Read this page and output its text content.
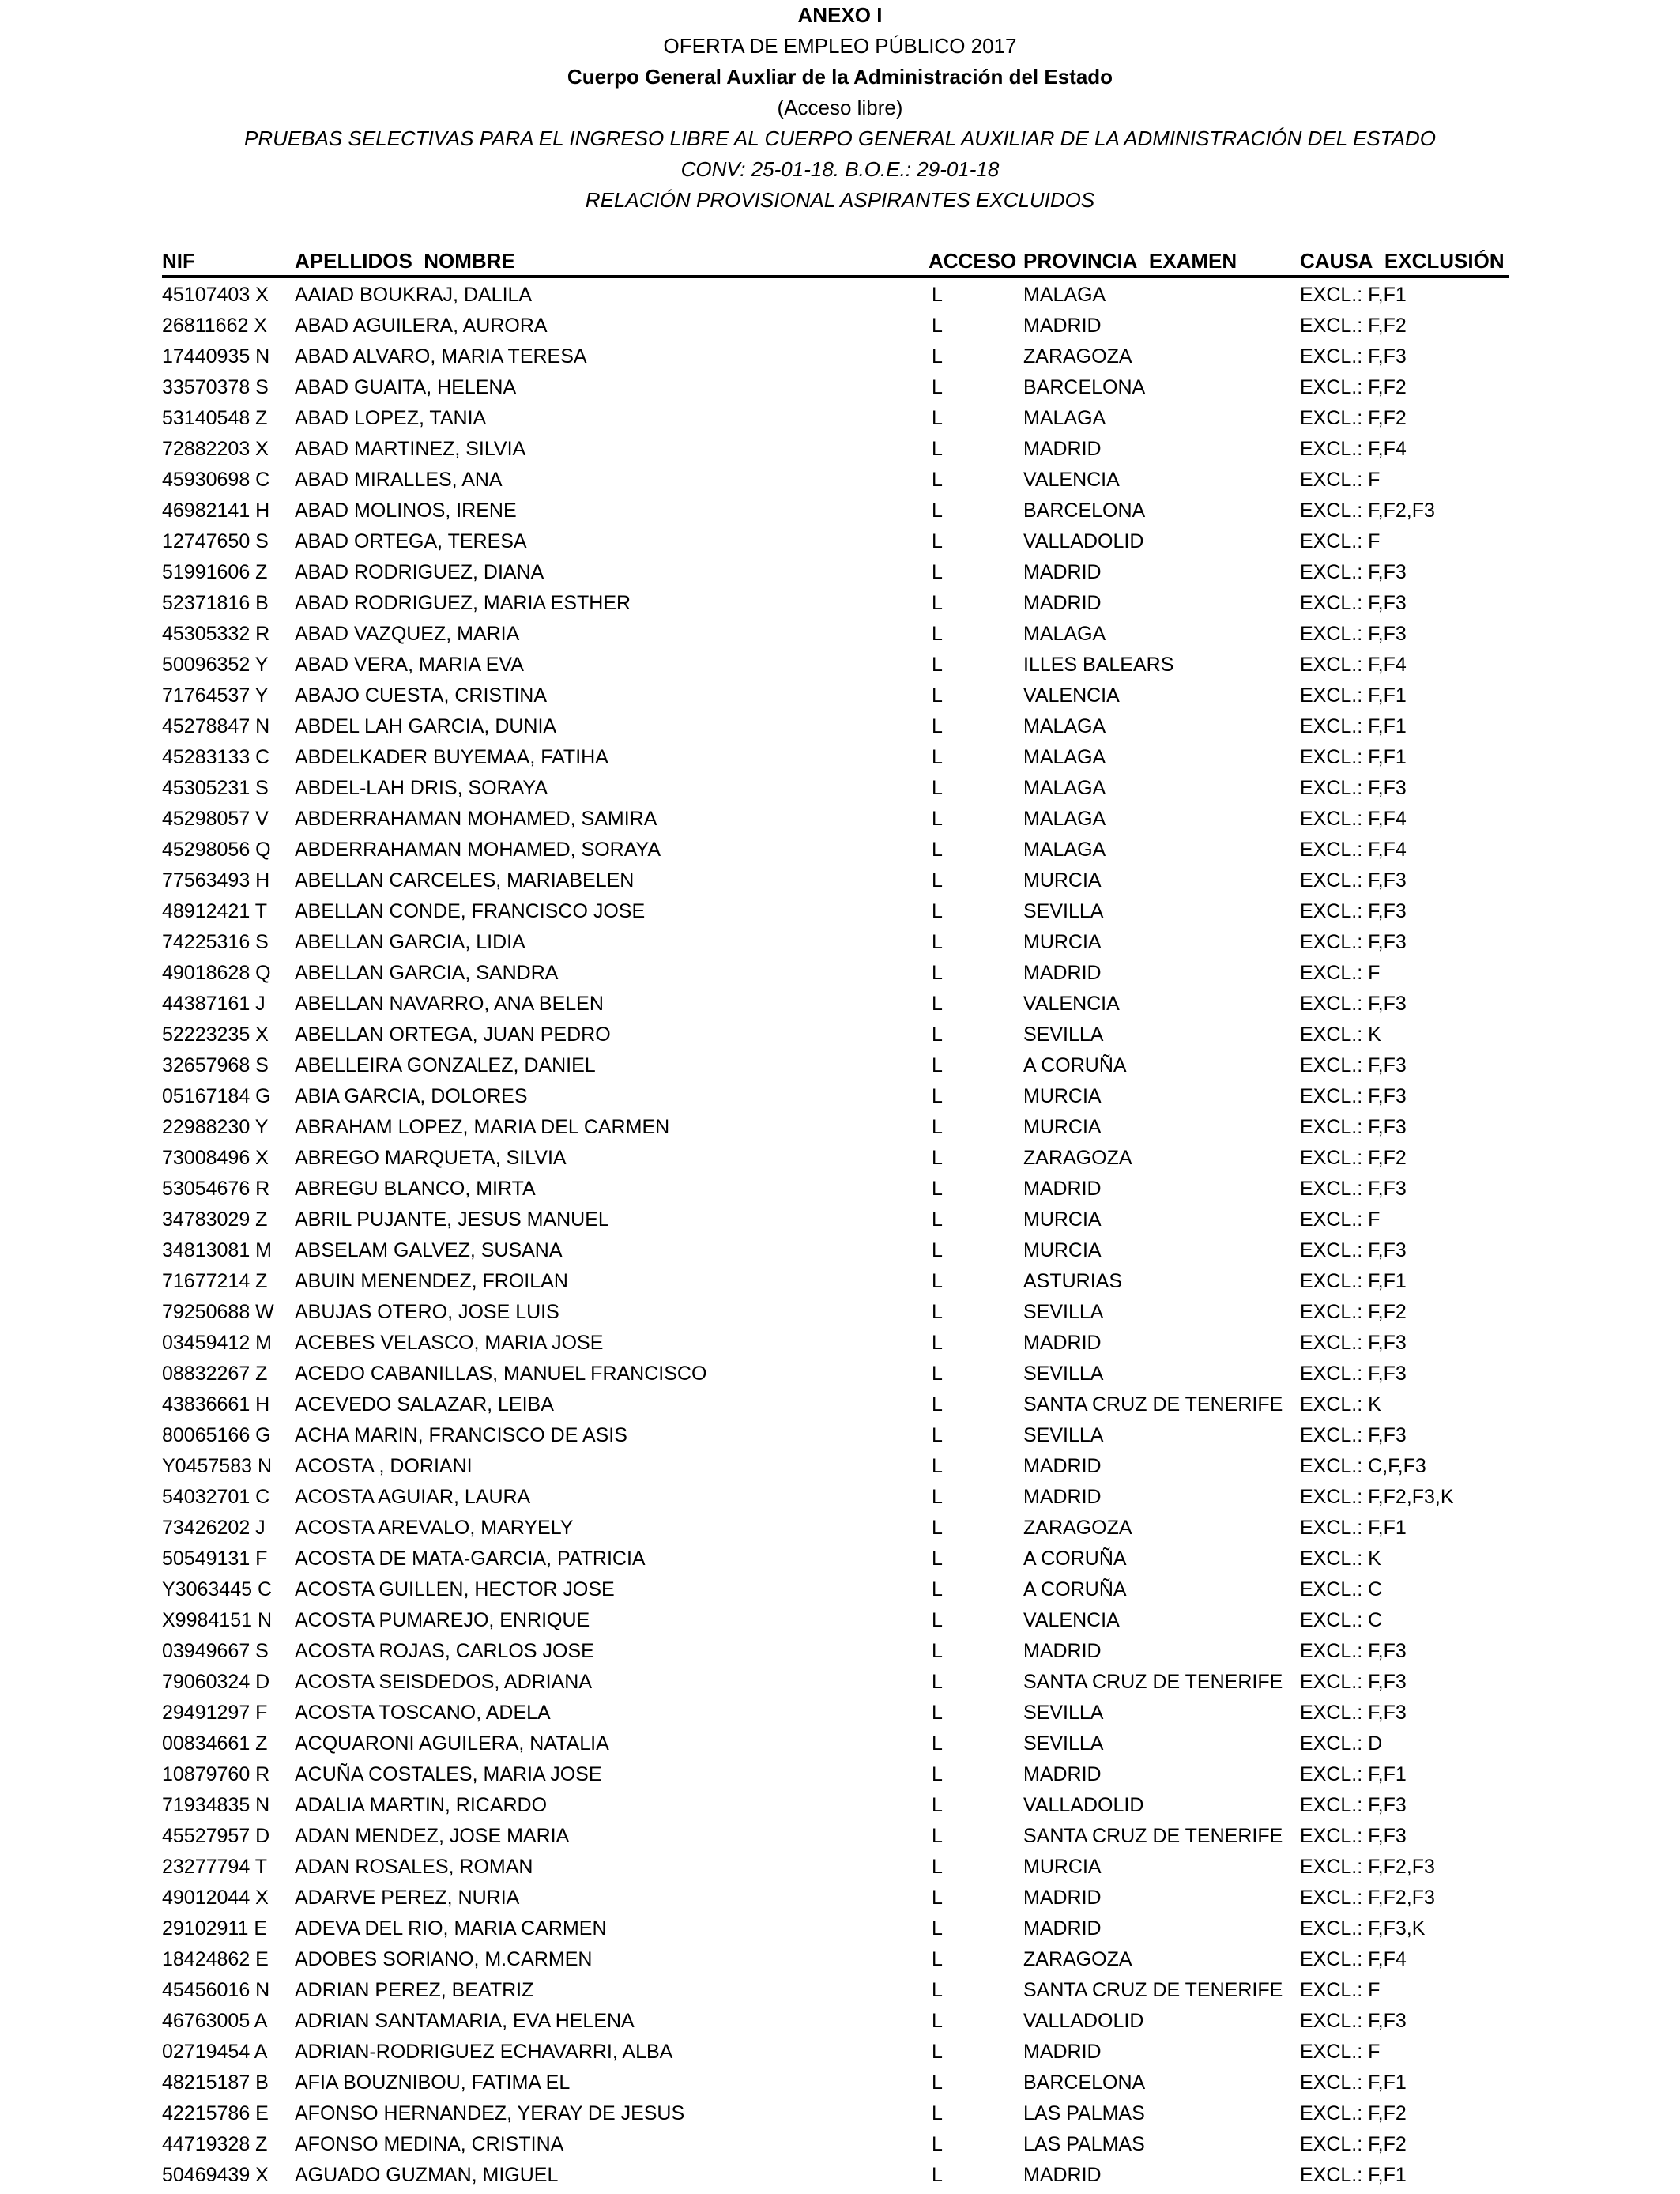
ANEXO I
OFERTA DE EMPLEO PÚBLICO 2017
Cuerpo General Auxliar de la Administración del Estado
(Acceso libre)
PRUEBAS SELECTIVAS PARA EL INGRESO LIBRE AL CUERPO GENERAL AUXILIAR DE LA ADMINISTRACIÓN DEL ESTADO
CONV: 25-01-18. B.O.E.: 29-01-18
RELACIÓN PROVISIONAL ASPIRANTES EXCLUIDOS
NIF	APELLIDOS_NOMBRE	ACCESO PROVINCIA_EXAMEN	CAUSA_EXCLUSIÓN
45107403 X AAIAD BOUKRAJ, DALILA	L	MALAGA	EXCL.: F,F1
26811662 X ABAD AGUILERA, AURORA	L	MADRID	EXCL.: F,F2
17440935 N ABAD ALVARO, MARIA TERESA	L	ZARAGOZA	EXCL.: F,F3
33570378 S ABAD GUAITA, HELENA	L	BARCELONA	EXCL.: F,F2
53140548 Z ABAD LOPEZ, TANIA	L	MALAGA	EXCL.: F,F2
72882203 X ABAD MARTINEZ, SILVIA	L	MADRID	EXCL.: F,F4
45930698 C ABAD MIRALLES, ANA	L	VALENCIA	EXCL.: F
46982141 H ABAD MOLINOS, IRENE	L	BARCELONA	EXCL.: F,F2,F3
12747650 S ABAD ORTEGA, TERESA	L	VALLADOLID	EXCL.: F
51991606 Z ABAD RODRIGUEZ, DIANA	L	MADRID	EXCL.: F,F3
52371816 B ABAD RODRIGUEZ, MARIA ESTHER	L	MADRID	EXCL.: F,F3
45305332 R ABAD VAZQUEZ, MARIA	L	MALAGA	EXCL.: F,F3
50096352 Y ABAD VERA, MARIA EVA	L	ILLES BALEARS	EXCL.: F,F4
71764537 Y ABAJO CUESTA, CRISTINA	L	VALENCIA	EXCL.: F,F1
45278847 N ABDEL LAH GARCIA, DUNIA	L	MALAGA	EXCL.: F,F1
45283133 C ABDELKADER BUYEMAA, FATIHA	L	MALAGA	EXCL.: F,F1
45305231 S ABDEL-LAH DRIS, SORAYA	L	MALAGA	EXCL.: F,F3
45298057 V ABDERRAHAMAN MOHAMED, SAMIRA	L	MALAGA	EXCL.: F,F4
45298056 Q ABDERRAHAMAN MOHAMED, SORAYA	L	MALAGA	EXCL.: F,F4
77563493 H ABELLAN CARCELES, MARIABELEN	L	MURCIA	EXCL.: F,F3
48912421 T ABELLAN CONDE, FRANCISCO JOSE	L	SEVILLA	EXCL.: F,F3
74225316 S ABELLAN GARCIA, LIDIA	L	MURCIA	EXCL.: F,F3
49018628 Q ABELLAN GARCIA, SANDRA	L	MADRID	EXCL.: F
44387161 J ABELLAN NAVARRO, ANA BELEN	L	VALENCIA	EXCL.: F,F3
52223235 X ABELLAN ORTEGA, JUAN PEDRO	L	SEVILLA	EXCL.: K
32657968 S ABELLEIRA GONZALEZ, DANIEL	L	A CORUÑA	EXCL.: F,F3
05167184 G ABIA GARCIA, DOLORES	L	MURCIA	EXCL.: F,F3
22988230 Y ABRAHAM LOPEZ, MARIA DEL CARMEN	L	MURCIA	EXCL.: F,F3
73008496 X ABREGO MARQUETA, SILVIA	L	ZARAGOZA	EXCL.: F,F2
53054676 R ABREGU BLANCO, MIRTA	L	MADRID	EXCL.: F,F3
34783029 Z ABRIL PUJANTE, JESUS MANUEL	L	MURCIA	EXCL.: F
34813081 M ABSELAM GALVEZ, SUSANA	L	MURCIA	EXCL.: F,F3
71677214 Z ABUIN MENENDEZ, FROILAN	L	ASTURIAS	EXCL.: F,F1
79250688 W ABUJAS OTERO, JOSE LUIS	L	SEVILLA	EXCL.: F,F2
03459412 M ACEBES VELASCO, MARIA JOSE	L	MADRID	EXCL.: F,F3
08832267 Z ACEDO CABANILLAS, MANUEL FRANCISCO	L	SEVILLA	EXCL.: F,F3
43836661 H ACEVEDO SALAZAR, LEIBA	L	SANTA CRUZ DE TENERIFE EXCL.: K
80065166 G ACHA MARIN, FRANCISCO DE ASIS	L	SEVILLA	EXCL.: F,F3
Y0457583 N ACOSTA , DORIANI	L	MADRID	EXCL.: C,F,F3
54032701 C ACOSTA AGUIAR, LAURA	L	MADRID	EXCL.: F,F2,F3,K
73426202 J ACOSTA AREVALO, MARYELY	L	ZARAGOZA	EXCL.: F,F1
50549131 F ACOSTA DE MATA-GARCIA, PATRICIA	L	A CORUÑA	EXCL.: K
Y3063445 C ACOSTA GUILLEN, HECTOR JOSE	L	A CORUÑA	EXCL.: C
X9984151 N ACOSTA PUMAREJO, ENRIQUE	L	VALENCIA	EXCL.: C
03949667 S ACOSTA ROJAS, CARLOS JOSE	L	MADRID	EXCL.: F,F3
79060324 D ACOSTA SEISDEDOS, ADRIANA	L	SANTA CRUZ DE TENERIFE EXCL.: F,F3
29491297 F ACOSTA TOSCANO, ADELA	L	SEVILLA	EXCL.: F,F3
00834661 Z ACQUARONI AGUILERA, NATALIA	L	SEVILLA	EXCL.: D
10879760 R ACUÑA COSTALES, MARIA JOSE	L	MADRID	EXCL.: F,F1
71934835 N ADALIA MARTIN, RICARDO	L	VALLADOLID	EXCL.: F,F3
45527957 D ADAN MENDEZ, JOSE MARIA	L	SANTA CRUZ DE TENERIFE EXCL.: F,F3
23277794 T ADAN ROSALES, ROMAN	L	MURCIA	EXCL.: F,F2,F3
49012044 X ADARVE PEREZ, NURIA	L	MADRID	EXCL.: F,F2,F3
29102911 E ADEVA DEL RIO, MARIA CARMEN	L	MADRID	EXCL.: F,F3,K
18424862 E ADOBES SORIANO, M.CARMEN	L	ZARAGOZA	EXCL.: F,F4
45456016 N ADRIAN PEREZ, BEATRIZ	L	SANTA CRUZ DE TENERIFE EXCL.: F
46763005 A ADRIAN SANTAMARIA, EVA HELENA	L	VALLADOLID	EXCL.: F,F3
02719454 A ADRIAN-RODRIGUEZ ECHAVARRI, ALBA	L	MADRID	EXCL.: F
48215187 B AFIA BOUZNIBOU, FATIMA EL	L	BARCELONA	EXCL.: F,F1
42215786 E AFONSO HERNANDEZ, YERAY DE JESUS	L	LAS PALMAS	EXCL.: F,F2
44719328 Z AFONSO MEDINA, CRISTINA	L	LAS PALMAS	EXCL.: F,F2
50469439 X AGUADO GUZMAN, MIGUEL	L	MADRID	EXCL.: F,F1
